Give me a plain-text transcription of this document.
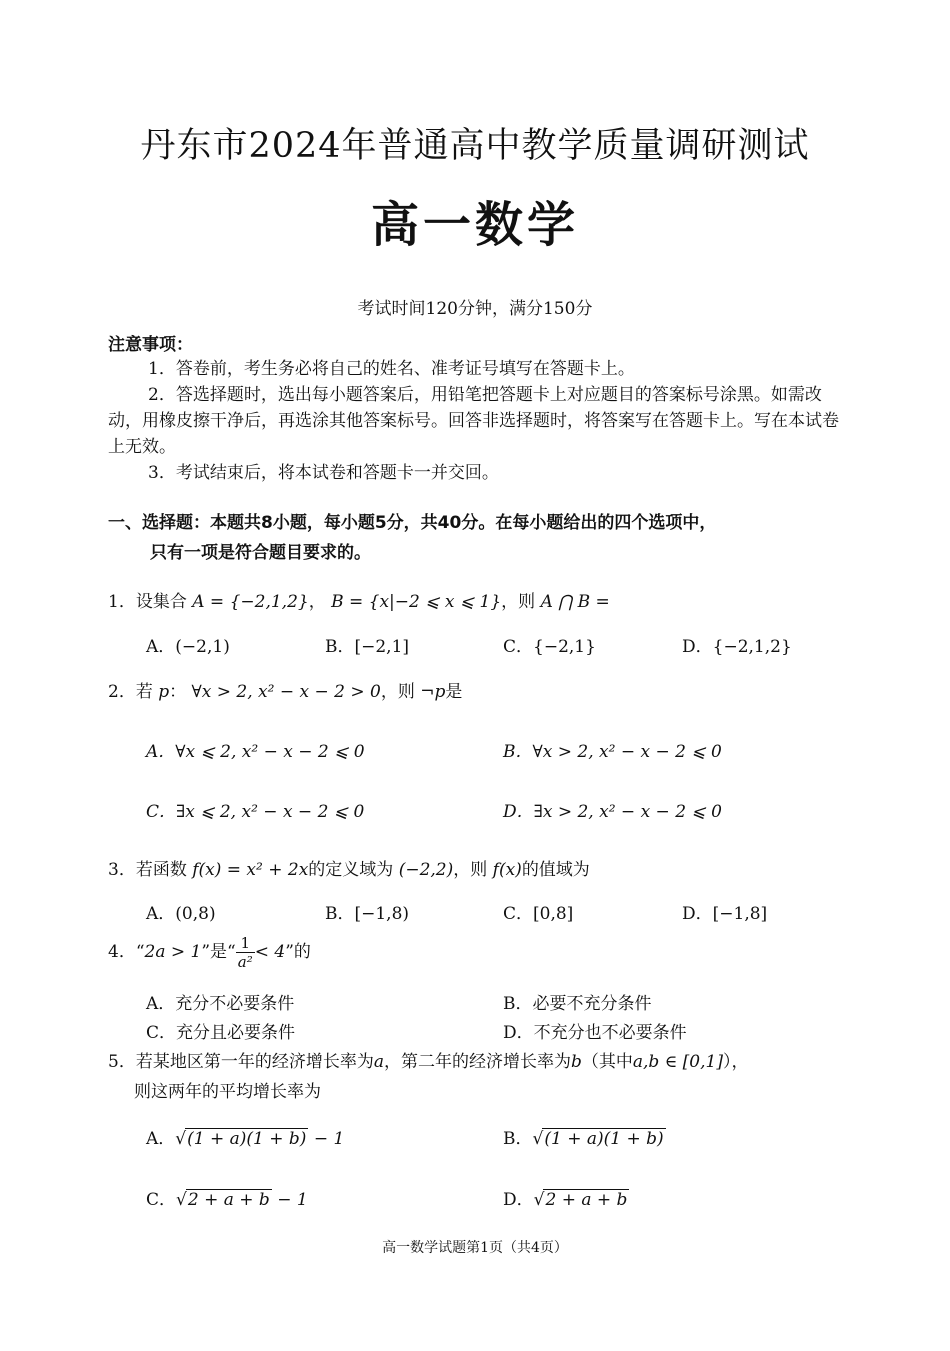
丹东市2024年普通高中教学质量调研测试
高一数学
考试时间120分钟，满分150分
注意事项：

1．答卷前，考生务必将自己的姓名、准考证号填写在答题卡上。

2．答选择题时，选出每小题答案后，用铅笔把答题卡上对应题目的答案标号涂黑。如需改动，用橡皮擦干净后，再选涂其他答案标号。回答非选择题时，将答案写在答题卡上。写在本试卷上无效。

3．考试结束后，将本试卷和答题卡一并交回。

一、选择题：本题共8小题，每小题5分，共40分。在每小题给出的四个选项中，
只有一项是符合题目要求的。
1．设集合 A = {−2,1,2}， B = {x|−2 ⩽ x ⩽ 1}，则 A ⋂ B =
A．(−2,1)	B．[−2,1]	C．{−2,1}	D．{−2,1,2}
2．若 p： ∀x > 2, x² − x − 2 > 0，则 ¬p是
A．∀x ⩽ 2, x² − x − 2 ⩽ 0	B．∀x > 2, x² − x − 2 ⩽ 0
C．∃x ⩽ 2, x² − x − 2 ⩽ 0	D．∃x > 2, x² − x − 2 ⩽ 0
3．若函数 f(x) = x² + 2x的定义域为 (−2,2)，则 f(x)的值域为
A．(0,8)	B．[−1,8)	C．[0,8]	D．[−1,8]
4．“2a > 1”是“ $\frac{1}{\text{a²}} < 4$”的
A．充分不必要条件	B．必要不充分条件
C．充分且必要条件	D．不充分也不必要条件
5．若某地区第一年的经济增长率为a，第二年的经济增长率为b（其中a,b ∈ [0,1]），
则这两年的平均增长率为
A．√(1 + a)(1 + b) − 1	B．√(1 + a)(1 + b)
C．√2 + a + b − 1	D．√2 + a + b
高一数学试题第1页（共4页）
